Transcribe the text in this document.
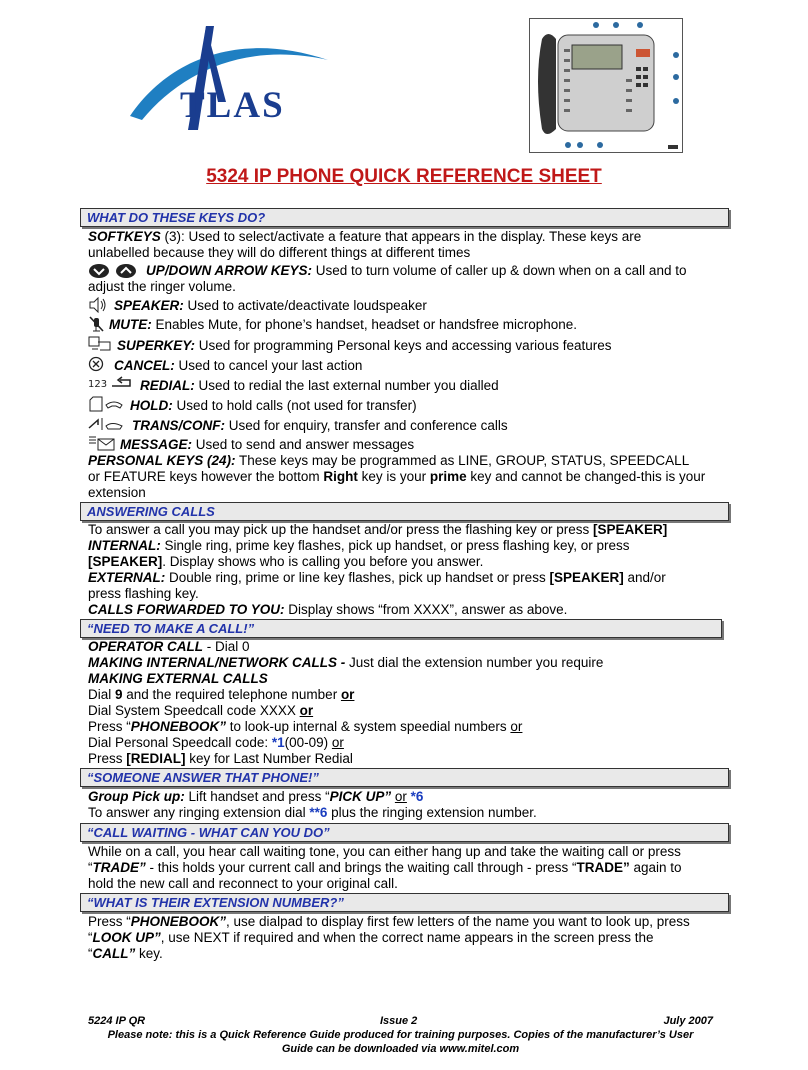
TLAS
5324 IP PHONE QUICK REFERENCE SHEET
WHAT DO THESE KEYS DO?
SOFTKEYS (3): Used to select/activate a feature that appears in the display. These keys are
unlabelled because they will do different things at different times
UP/DOWN ARROW KEYS: Used to turn volume of caller up & down when on a call and to
adjust the ringer volume.
SPEAKER: Used to activate/deactivate loudspeaker
MUTE: Enables Mute, for phone’s handset, headset or handsfree microphone.
SUPERKEY: Used for programming Personal keys and accessing various features
CANCEL: Used to cancel your last action
123 REDIAL: Used to redial the last external number you dialled
HOLD: Used to hold calls (not used for transfer)
TRANS/CONF: Used for enquiry, transfer and conference calls
MESSAGE: Used to send and answer messages
PERSONAL KEYS (24): These keys may be programmed as LINE, GROUP, STATUS, SPEEDCALL
or FEATURE keys however the bottom Right key is your prime key and cannot be changed-this is your
extension
ANSWERING CALLS
To answer a call you may pick up the handset and/or press the flashing key or press [SPEAKER]
INTERNAL: Single ring, prime key flashes, pick up handset, or press flashing key, or press
[SPEAKER]. Display shows who is calling you before you answer.
EXTERNAL: Double ring, prime or line key flashes, pick up handset or press [SPEAKER] and/or
press flashing key.
CALLS FORWARDED TO YOU: Display shows “from XXXX”, answer as above.
“NEED TO MAKE A CALL!”
OPERATOR CALL - Dial 0
MAKING INTERNAL/NETWORK CALLS - Just dial the extension number you require
MAKING EXTERNAL CALLS
Dial 9 and the required telephone number or
Dial System Speedcall code XXXX or
Press “PHONEBOOK” to look-up internal & system speedial numbers or
Dial Personal Speedcall code: *1(00-09) or
Press [REDIAL] key for Last Number Redial
“SOMEONE ANSWER THAT PHONE!”
Group Pick up: Lift handset and press “PICK UP” or *6
To answer any ringing extension dial **6 plus the ringing extension number.
“CALL WAITING - WHAT CAN YOU DO”
While on a call, you hear call waiting tone, you can either hang up and take the waiting call or press
“TRADE” - this holds your current call and brings the waiting call through - press “TRADE” again to
hold the new call and reconnect to your original call.
“WHAT IS THEIR EXTENSION NUMBER?”
Press “PHONEBOOK”, use dialpad to display first few letters of the name you want to look up, press
“LOOK UP”, use NEXT if required and when the correct name appears in the screen press the
“CALL” key.
5224 IP QR	Issue 2	July 2007
Please note: this is a Quick Reference Guide produced for training purposes. Copies of the manufacturer’s User
Guide can be downloaded via www.mitel.com
